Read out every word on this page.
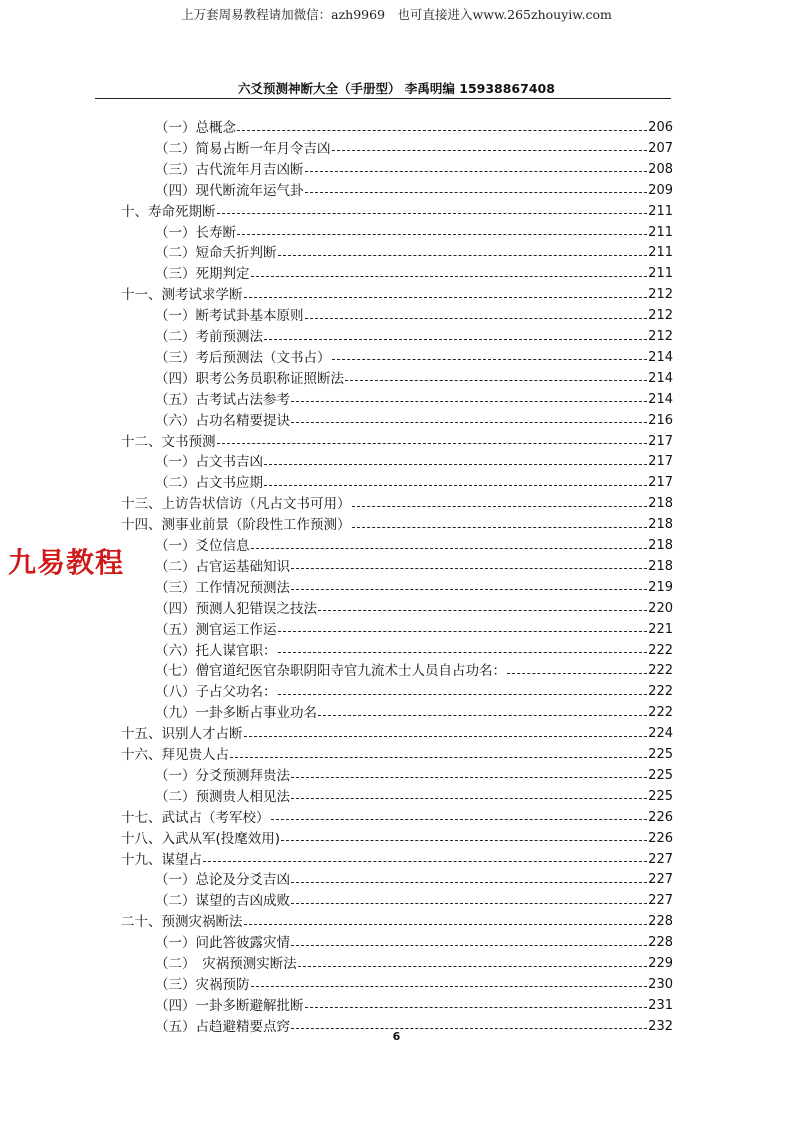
上万套周易教程请加微信：azh9969　也可直接进入www.265zhouyiw.com
六爻预测神断大全（手册型） 李禹明编 15938867408
（一）总概念	206
（二）简易占断一年月令吉凶	207
（三）古代流年月吉凶断	208
（四）现代断流年运气卦	209
十、寿命死期断	211
（一）长寿断	211
（二）短命夭折判断	211
（三）死期判定	211
十一、测考试求学断	212
（一）断考试卦基本原则	212
（二）考前预测法	212
（三）考后预测法（文书占）	214
（四）职考公务员职称证照断法	214
（五）古考试占法参考	214
（六）占功名精要提诀	216
十二、文书预测	217
（一）占文书吉凶	217
（二）占文书应期	217
十三、上访告状信访（凡占文书可用）	218
十四、测事业前景（阶段性工作预测）	218
（一）爻位信息	218
（二）占官运基础知识	218
（三）工作情况预测法	219
（四）预测人犯错误之技法	220
（五）测官运工作运	221
（六）托人谋官职：	222
（七）僧官道纪医官杂职阴阳寺官九流术士人员自占功名：	222
（八）子占父功名：	222
（九）一卦多断占事业功名	222
十五、识别人才占断	224
十六、拜见贵人占	225
（一）分爻预测拜贵法	225
（二）预测贵人相见法	225
十七、武试占（考军校）	226
十八、入武从军(投麾效用)	226
十九、谋望占	227
（一）总论及分爻吉凶	227
（二）谋望的吉凶成败	227
二十、预测灾祸断法	228
（一）问此答彼露灾情	228
（二）　灾祸预测实断法	229
（三）灾祸预防	230
（四）一卦多断避解批断	231
（五）占趋避精要点窍	232
九易教程
6
